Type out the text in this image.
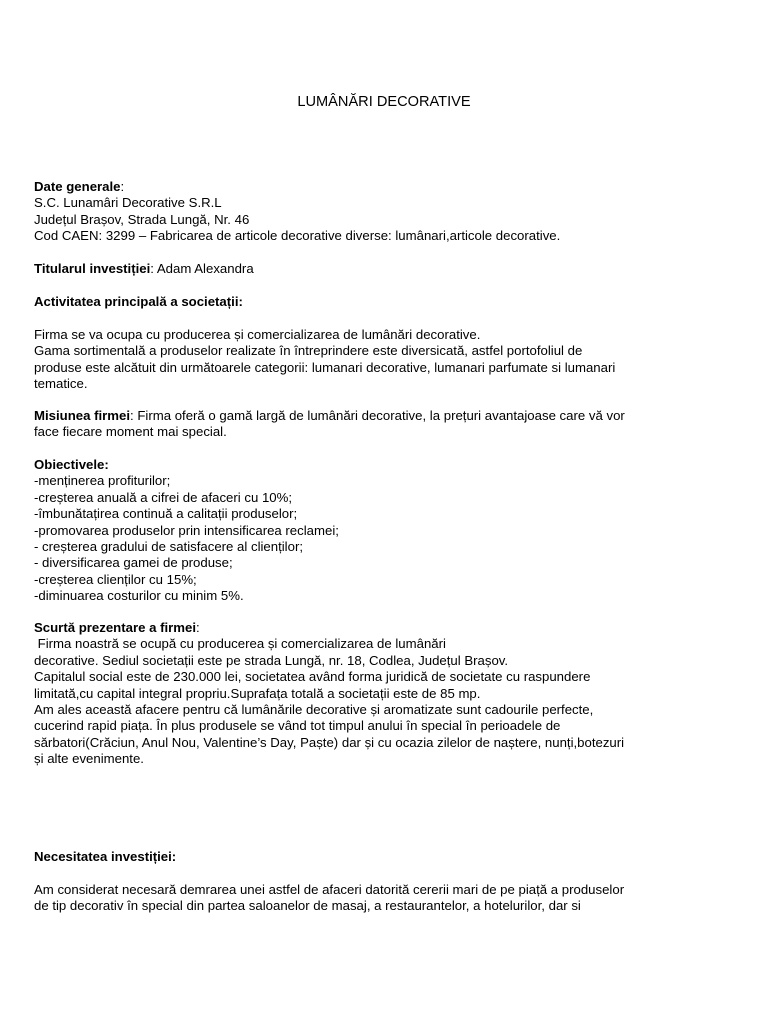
LUMÂNĂRI DECORATIVE
Date generale:
S.C. Lunamâri Decorative S.R.L
Județul Brașov, Strada Lungă, Nr. 46
Cod CAEN: 3299 – Fabricarea de articole decorative diverse: lumânari,articole decorative.
Titularul investiției: Adam Alexandra
Activitatea principală a societații:
Firma se va ocupa cu producerea și comercializarea de lumânări decorative.
Gama sortimentală a produselor realizate în întreprindere este diversicată, astfel portofoliul de
produse este alcătuit din următoarele categorii: lumanari decorative, lumanari parfumate si lumanari
tematice.
Misiunea firmei: Firma oferă o gamă largă de lumânări decorative, la prețuri avantajoase care vă vor
face fiecare moment mai special.
Obiectivele:
-menținerea profiturilor;
-creșterea anuală a cifrei de afaceri cu 10%;
-îmbunătațirea continuă a calitații produselor;
-promovarea produselor prin intensificarea reclamei;
- creșterea gradului de satisfacere al clienților;
- diversificarea gamei de produse;
-creșterea clienților cu 15%;
-diminuarea costurilor cu minim 5%.
Scurtă prezentare a firmei:
Firma noastră se ocupă cu producerea și comercializarea de lumânări
decorative. Sediul societații este pe strada Lungă, nr. 18, Codlea, Județul Brașov.
Capitalul social este de 230.000 lei, societatea având forma juridică de societate cu raspundere
limitată,cu capital integral propriu.Suprafața totală a societații este de 85 mp.
Am ales această afacere pentru că lumânările decorative și aromatizate sunt cadourile perfecte,
cucerind rapid piața. În plus produsele se vând tot timpul anului în special în perioadele de
sărbatori(Crăciun, Anul Nou, Valentine’s Day, Paște) dar și cu ocazia zilelor de naștere, nunți,botezuri
și alte evenimente.
Necesitatea investiției:
Am considerat necesară demrarea unei astfel de afaceri datorită cererii mari de pe piață a produselor
de tip decorativ în special din partea saloanelor de masaj, a restaurantelor, a hotelurilor, dar si
